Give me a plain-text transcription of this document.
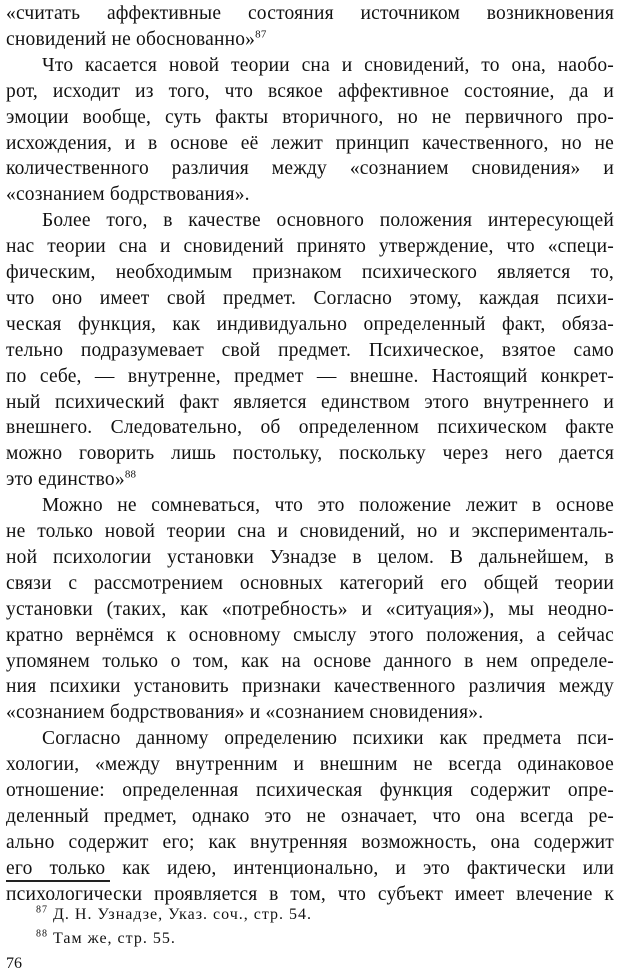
«считать аффективные состояния источником возникновения
сновидений не обоснованно»$^{87}$
Что касается новой теории сна и сновидений, то она, наобо-
рот, исходит из того, что всякое аффективное состояние, да и
эмоции вообще, суть факты вторичного, но не первичного про-
исхождения, и в основе её лежит принцип качественного, но не
количественного различия между «сознанием сновидения» и
«сознанием бодрствования».
Более того, в качестве основного положения интересующей
нас теории сна и сновидений принято утверждение, что «специ-
фическим, необходимым признаком психического является то,
что оно имеет свой предмет. Согласно этому, каждая психи-
ческая функция, как индивидуально определенный факт, обяза-
тельно подразумевает свой предмет. Психическое, взятое само
по себе, — внутренне, предмет — внешне. Настоящий конкрет-
ный психический факт является единством этого внутреннего и
внешнего. Следовательно, об определенном психическом факте
можно говорить лишь постольку, поскольку через него дается
это единство»$^{88}$
Можно не сомневаться, что это положение лежит в основе
не только новой теории сна и сновидений, но и эксперименталь-
ной психологии установки Узнадзе в целом. В дальнейшем, в
связи с рассмотрением основных категорий его общей теории
установки (таких, как «потребность» и «ситуация»), мы неодно-
кратно вернёмся к основному смыслу этого положения, а сейчас
упомянем только о том, как на основе данного в нем определе-
ния психики установить признаки качественного различия между
«сознанием бодрствования» и «сознанием сновидения».
Согласно данному определению психики как предмета пси-
хологии, «между внутренним и внешним не всегда одинаковое
отношение: определенная психическая функция содержит опре-
деленный предмет, однако это не означает, что она всегда ре-
ально содержит его; как внутренняя возможность, она содержит
его только как идею, интенционально, и это фактически или
психологически проявляется в том, что субъект имеет влечение к
$^{87}$ Д. Н. Узнадзе, Указ. соч., стр. 54.
$^{88}$ Там же, стр. 55.
76
